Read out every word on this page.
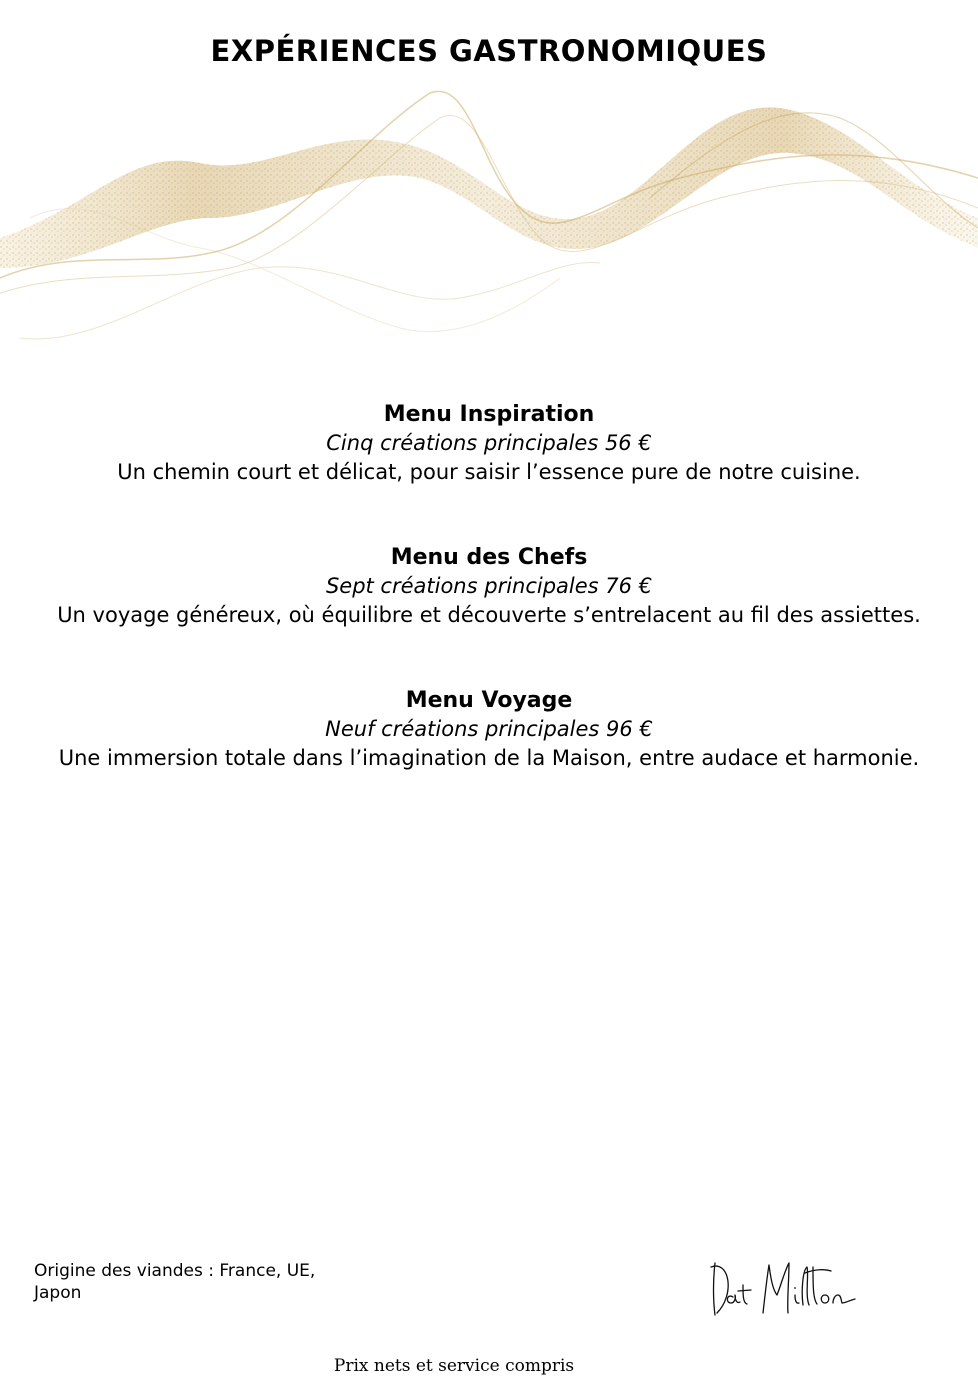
EXPÉRIENCES GASTRONOMIQUES
Menu Inspiration
Cinq créations principales 56 €
Un chemin court et délicat, pour saisir l’essence pure de notre cuisine.
Menu des Chefs
Sept créations principales 76 €
Un voyage généreux, où équilibre et découverte s’entrelacent au fil des assiettes.
Menu Voyage
Neuf créations principales 96 €
Une immersion totale dans l’imagination de la Maison, entre audace et harmonie.
Origine des viandes : France, UE, Japon
Prix nets et service compris
